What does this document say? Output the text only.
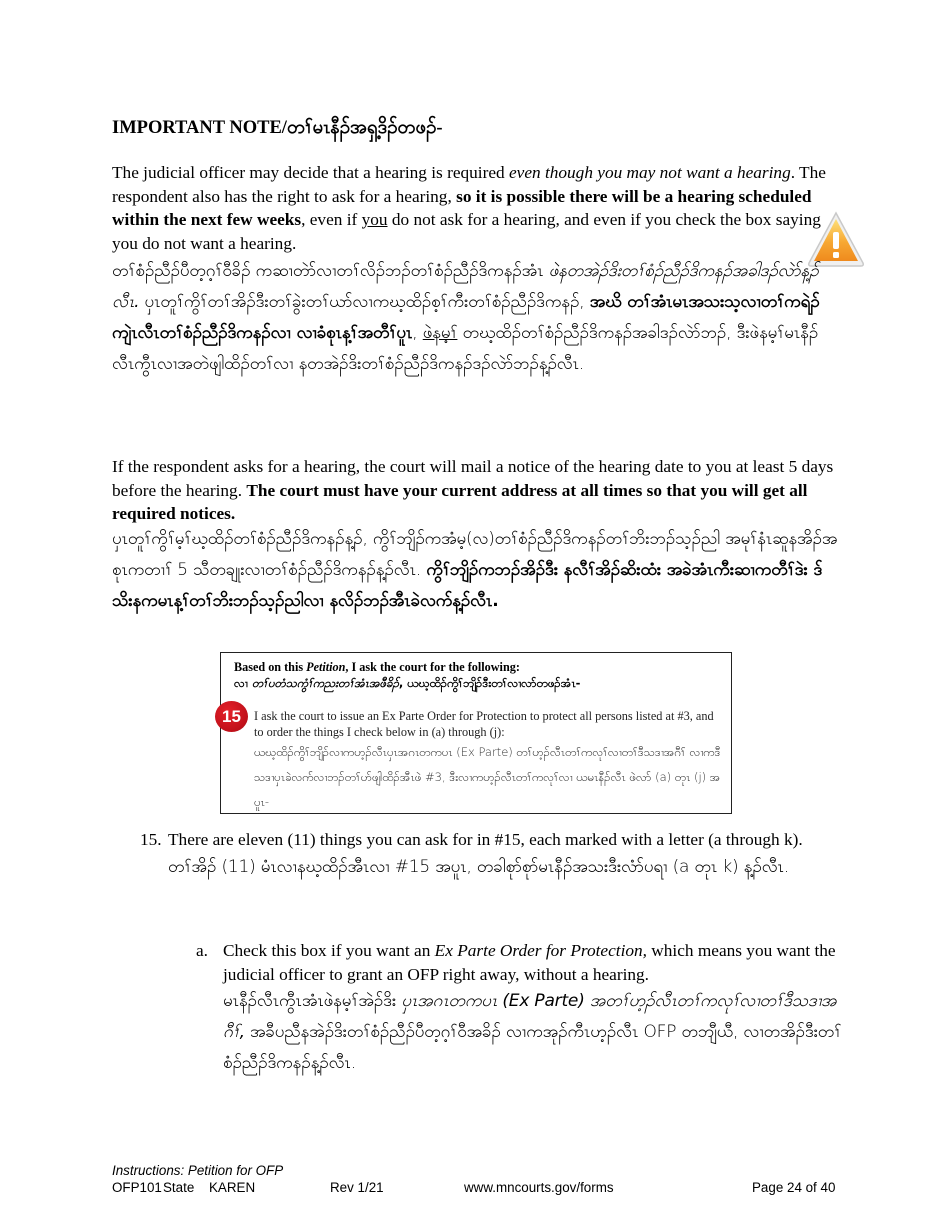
IMPORTANT NOTE/တၢ်မၤနီၣ်အရှ့ဒိၣ်တဖၣ်-
The judicial officer may decide that a hearing is required even though you may not want a hearing. The respondent also has the right to ask for a hearing, so it is possible there will be a hearing scheduled within the next few weeks, even if you do not ask for a hearing, and even if you check the box saying you do not want a hearing.
တၢ်စံၣ်ညီၣ်ပီတ့ဂ့ၢ်ဝီခိၣ် ကဆၢတဲာ်လၢတၢ်လိၣ်ဘၣ်တၢ်စံၣ်ညီၣ်ဒိကနၣ်အံၤ ဖဲနတအဲၣ်ဒိးတၢ်စံၣ်ညီၣ်ဒိကနၣ်အခါဒၣ်လဲာ်န့ၣ်လီၤ. ပှၤတူၢ်ကွိၢ်တၢ်အိၣ်ဒီးတၢ်ခွဲးတၢ်ယာ်လၢကဃ့ထိၣ်စ့ၢ်ကီးတၢ်စံၣ်ညီၣ်ဒိကနၣ်, အဃိ တၢ်အံၤမၤအသးသ့လၢတၢ်ကရဲၣ်ကျဲၤလီၤတၢ်စံၣ်ညီၣ်ဒိကနၣ်လၢ လၢခံစုၤန့ၢ်အတီၢ်ပူၤ, ဖဲနမ့ၢ် တဃ့ထိၣ်တၢ်စံၣ်ညီၣ်ဒိကနၣ်အခါဒၣ်လဲာ်ဘၣ်, ဒီးဖဲနမ့ၢ်မၤနီၣ်လီၤကွီၤလၢအတဲဖျါထိၣ်တၢ်လၢ နတအဲၣ်ဒိးတၢ်စံၣ်ညီၣ်ဒိကနၣ်ဒၣ်လဲာ်ဘၣ်န့ၣ်လီၤ.
If the respondent asks for a hearing, the court will mail a notice of the hearing date to you at least 5 days before the hearing. The court must have your current address at all times so that you will get all required notices.
ပှၤတူၢ်ကွိၢ်မ့ၢ်ဃ့ထိၣ်တၢ်စံၣ်ညီၣ်ဒိကနၣ်န့ၣ်, ကွိၢ်ဘျိၣ်ကအံမ့(လ)တၢ်စံၣ်ညီၣ်ဒိကနၣ်တၢ်ဘိးဘၣ်သ့ၣ်ညါ အမုၢ်နံၤဆူနအိၣ်အစုၤကတၢၢ် 5 သီတချုးလၢတၢ်စံၣ်ညီၣ်ဒိကနၣ်န့ၣ်လီၤ. ကွိၢ်ဘျိၣ်ကဘၣ်အိၣ်ဒီး နလီၢ်အိၣ်ဆိးထံး အခဲအံၤကီးဆၢကတီၢ်ဒဲး ဒ်သိးနကမၤန့ၢ်တၢ်ဘိးဘၣ်သ့ၣ်ညါလၢ နလိၣ်ဘၣ်အီၤခဲလက်န့ၣ်လီၤ.
Based on this Petition, I ask the court for the following:
လၢ တၢ်ပတံသကွံၢ်ကညးတၢ်အံၤအဖီခိၣ်, ယဃ့ထိၣ်ကွိၢ်ဘျိၣ်ဒီးတၢ်လၢလာ်တဖၣ်အံၤ-
I ask the court to issue an Ex Parte Order for Protection to protect all persons listed at #3, and to order the things I check below in (a) through (j):
ယဃ့ထိၣ်ကွိၢ်ဘျိၣ်လၢကဟ့ၣ်လီၤပှၤအဂၤတကပၤ (Ex Parte) တၢ်ဟ့ၣ်လီၤတၢ်ကလုၢ်လၢတၢ်ဒီသဒၢအဂီၢ် လၢကဒီသဒၢပှၤခဲလက်လၢဘၣ်တၢ်ဟ်ဖျါထိၣ်အီၤဖဲ #3, ဒီးလၢကဟ့ၣ်လီၤတၢ်ကလုၢ်လၢ ယမၤနီၣ်လီၤ ဖဲလာ် (a) တုၤ (j) အပူၤ-
15
15. There are eleven (11) things you can ask for in #15, each marked with a letter (a through k).
တၢ်အိၣ် (11) မံၤလၢနဃ့ထိၣ်အီၤလၢ #15 အပူၤ, တခါစုာ်စုာ်မၤနီၣ်အသးဒီးလံာ်ပရၢ (a တုၤ k) န့ၣ်လီၤ.
a. Check this box if you want an Ex Parte Order for Protection, which means you want the judicial officer to grant an OFP right away, without a hearing.
မၤနီၣ်လီၤကွီၤအံၤဖဲနမ့ၢ်အဲၣ်ဒိး ပှၤအဂၤတကပၤ (Ex Parte) အတၢ်ဟ့ၣ်လီၤတၢ်ကလုၢ်လၢတၢ်ဒီသဒၢအဂီၢ်, အခီပညီနအဲၣ်ဒိးတၢ်စံၣ်ညီၣ်ပီတ့ဂ့ၢ်ဝီအခိၣ် လၢကအုၣ်ကီၤဟ့ၣ်လီၤ OFP တဘျီယီ, လၢတအိၣ်ဒီးတၢ်စံၣ်ညီၣ်ဒိကနၣ်န့ၣ်လီၤ.
Instructions: Petition for OFP
OFP101 State KAREN	Rev 1/21	www.mncourts.gov/forms	Page 24 of 40
